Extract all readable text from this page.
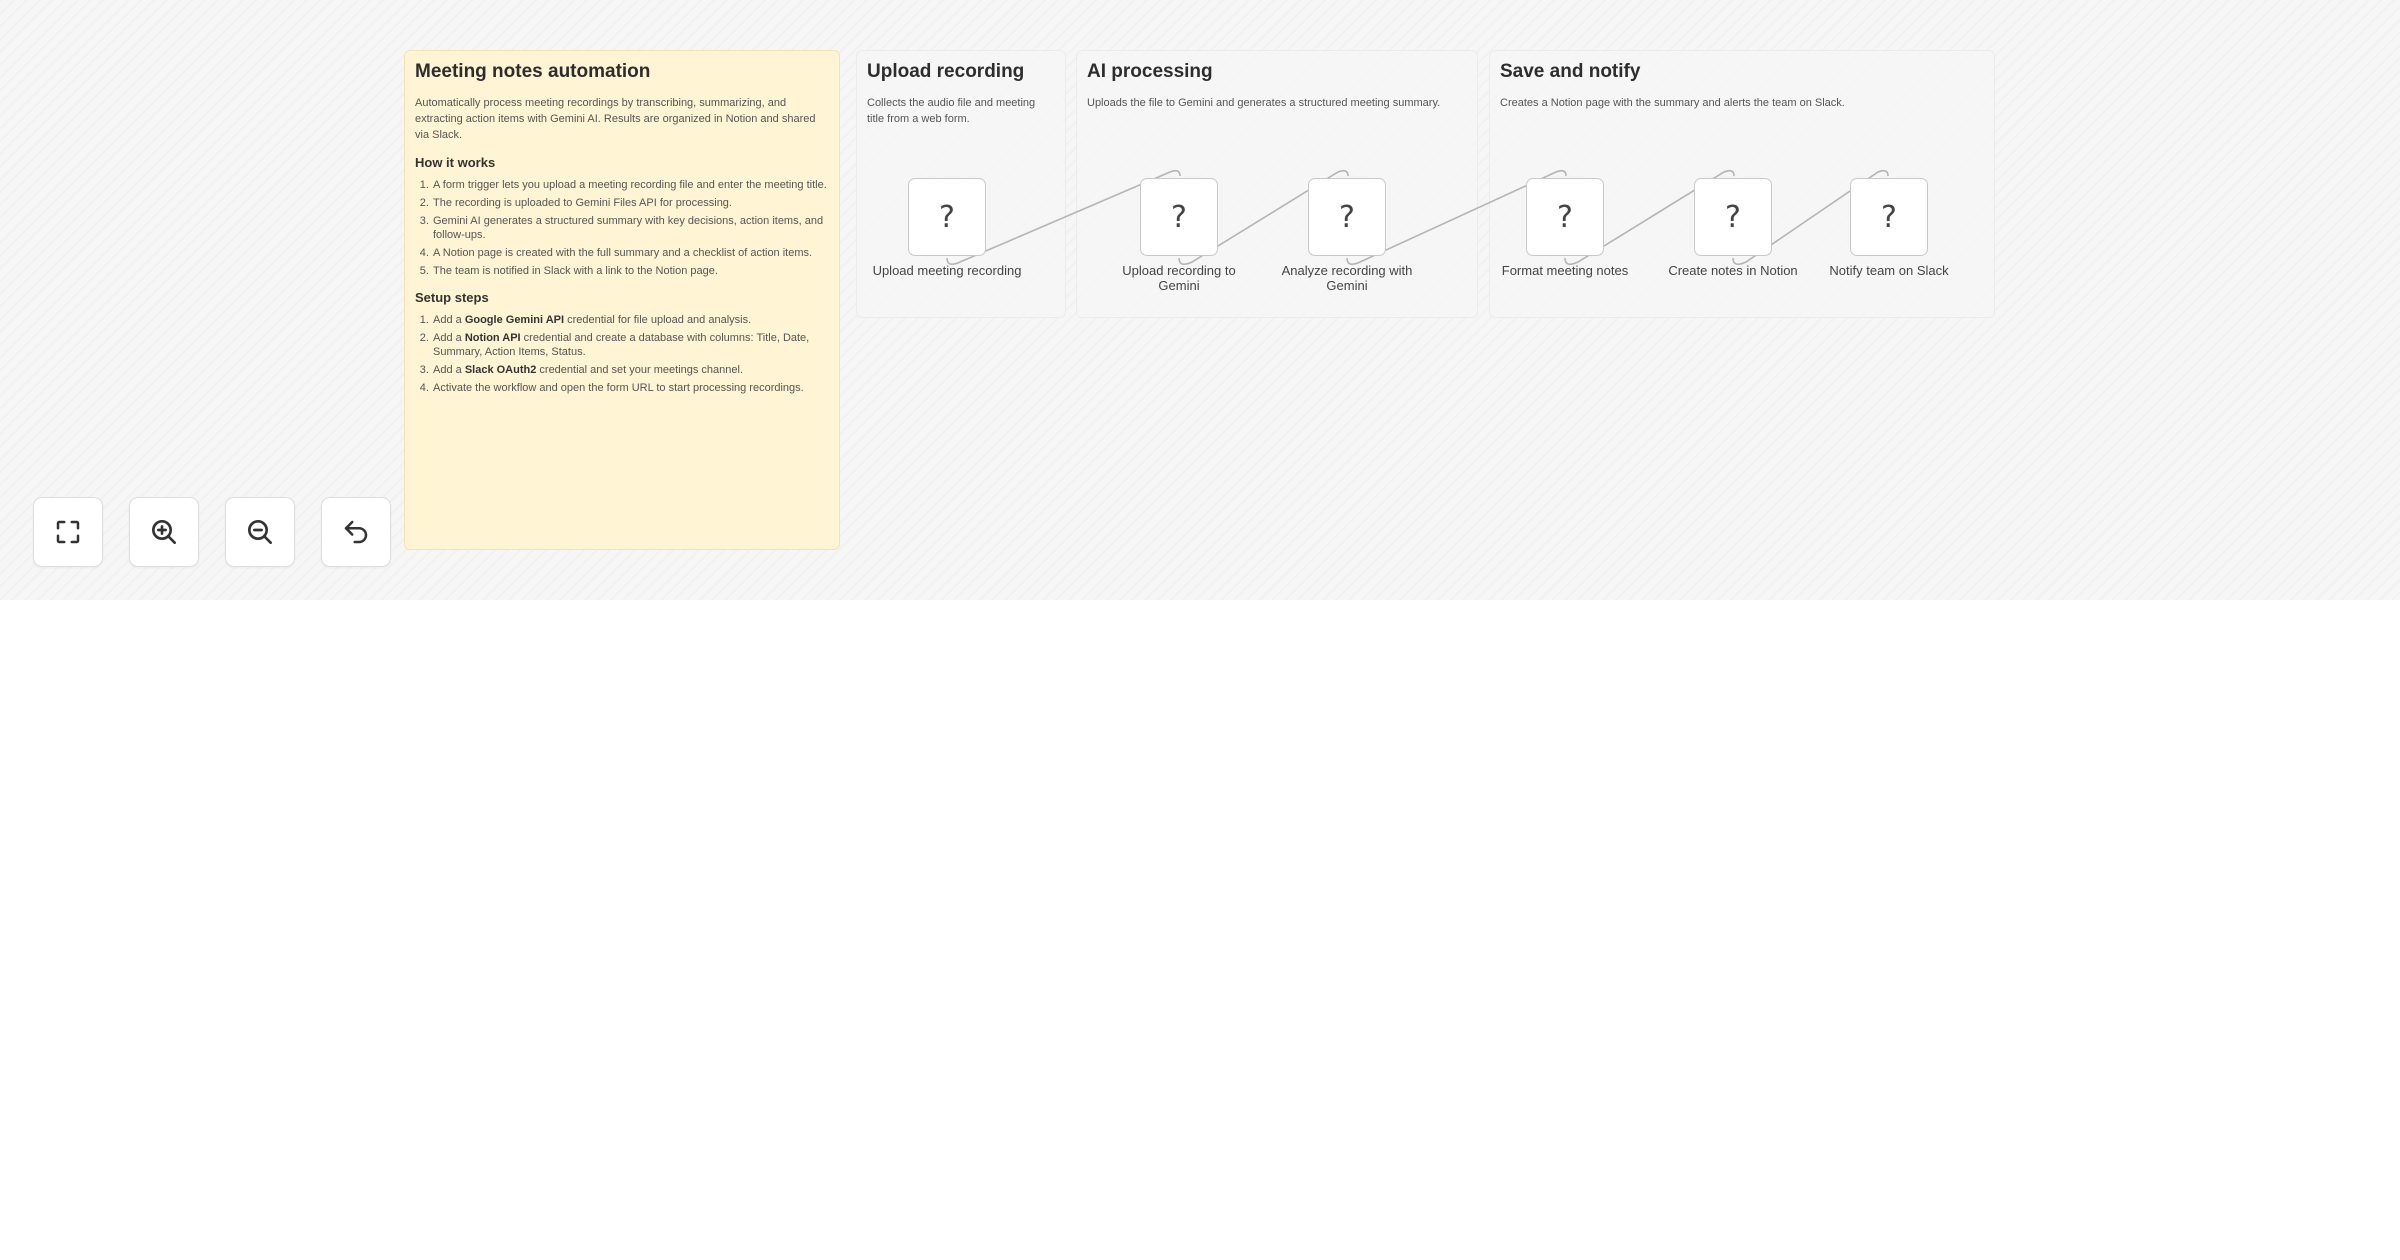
Meeting notes automation

Automatically process meeting recordings by transcribing, summarizing, and extracting action items with Gemini AI. Results are organized in Notion and shared via Slack.

How it works
1. A form trigger lets you upload a meeting recording file and enter the meeting title.
2. The recording is uploaded to Gemini Files API for processing.
3. Gemini AI generates a structured summary with key decisions, action items, and follow-ups.
4. A Notion page is created with the full summary and a checklist of action items.
5. The team is notified in Slack with a link to the Notion page.
Setup steps
1. Add a Google Gemini API credential for file upload and analysis.
2. Add a Notion API credential and create a database with columns: Title, Date, Summary, Action Items, Status.
3. Add a Slack OAuth2 credential and set your meetings channel.
4. Activate the workflow and open the form URL to start processing recordings.
Upload recording

Collects the audio file and meeting title from a web form.

AI processing

Uploads the file to Gemini and generates a structured meeting summary.

Save and notify

Creates a Notion page with the summary and alerts the team on Slack.

?
Upload meeting recording
?
Upload recording to Gemini
?
Analyze recording with Gemini
?
Format meeting notes
?
Create notes in Notion
?
Notify team on Slack
